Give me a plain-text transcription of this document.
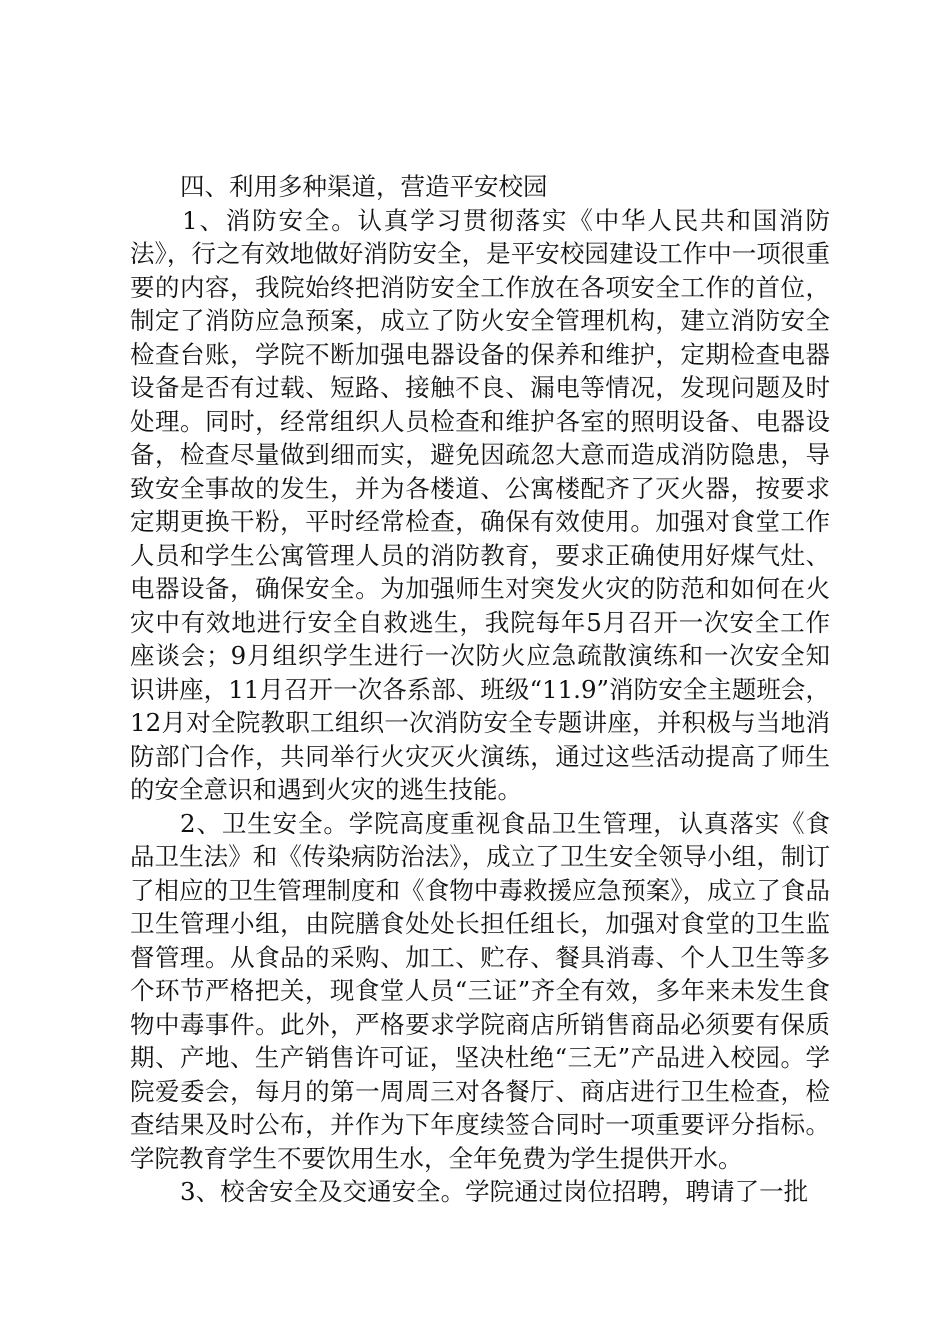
四、利用多种渠道，营造平安校园

1、消防安全。认真学习贯彻落实《中华人民共和国消防法》，行之有效地做好消防安全，是平安校园建设工作中一项很重要的内容，我院始终把消防安全工作放在各项安全工作的首位，制定了消防应急预案，成立了防火安全管理机构，建立消防安全检查台账，学院不断加强电器设备的保养和维护，定期检查电器设备是否有过载、短路、接触不良、漏电等情况，发现问题及时处理。同时，经常组织人员检查和维护各室的照明设备、电器设备，检查尽量做到细而实，避免因疏忽大意而造成消防隐患，导致安全事故的发生，并为各楼道、公寓楼配齐了灭火器，按要求定期更换干粉，平时经常检查，确保有效使用。加强对食堂工作人员和学生公寓管理人员的消防教育，要求正确使用好煤气灶、电器设备，确保安全。为加强师生对突发火灾的防范和如何在火灾中有效地进行安全自救逃生，我院每年5月召开一次安全工作座谈会；9月组织学生进行一次防火应急疏散演练和一次安全知识讲座，11月召开一次各系部、班级“11.9”消防安全主题班会，12月对全院教职工组织一次消防安全专题讲座，并积极与当地消防部门合作，共同举行火灾灭火演练，通过这些活动提高了师生的安全意识和遇到火灾的逃生技能。

2、卫生安全。学院高度重视食品卫生管理，认真落实《食品卫生法》和《传染病防治法》，成立了卫生安全领导小组，制订了相应的卫生管理制度和《食物中毒救援应急预案》，成立了食品卫生管理小组，由院膳食处处长担任组长，加强对食堂的卫生监督管理。从食品的采购、加工、贮存、餐具消毒、个人卫生等多个环节严格把关，现食堂人员“三证”齐全有效，多年来未发生食物中毒事件。此外，严格要求学院商店所销售商品必须要有保质期、产地、生产销售许可证，坚决杜绝“三无”产品进入校园。学院爱委会，每月的第一周周三对各餐厅、商店进行卫生检查，检查结果及时公布，并作为下年度续签合同时一项重要评分指标。学院教育学生不要饮用生水，全年免费为学生提供开水。

3、校舍安全及交通安全。学院通过岗位招聘，聘请了一批
